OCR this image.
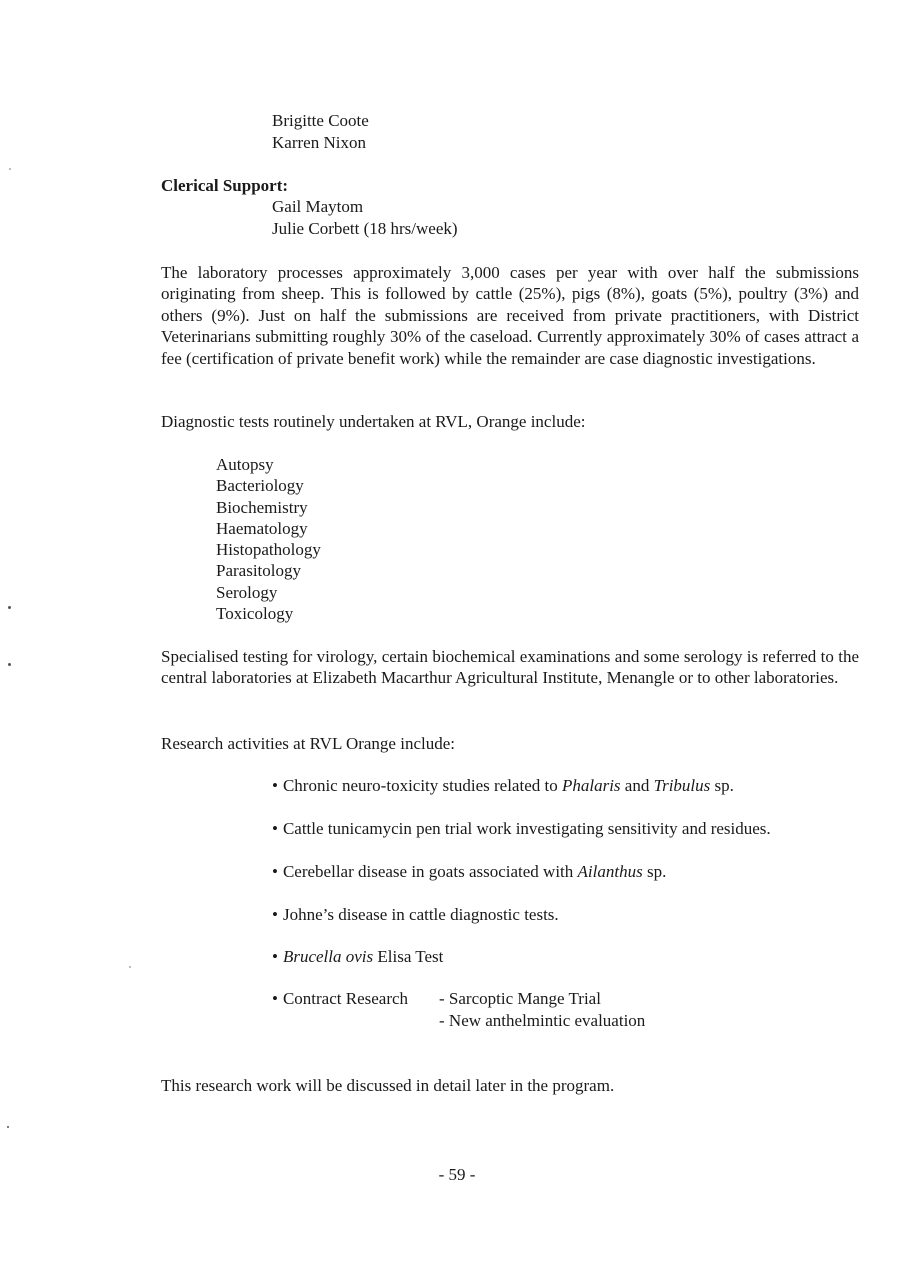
Brigitte Coote
Karren Nixon
Clerical Support:
Gail Maytom
Julie Corbett (18 hrs/week)

The laboratory processes approximately 3,000 cases per year with over half the submissions originating from sheep. This is followed by cattle (25%), pigs (8%), goats (5%), poultry (3%) and others (9%). Just on half the submissions are received from private practitioners, with District Veterinarians submitting roughly 30% of the caseload. Currently approximately 30% of cases attract a fee (certification of private benefit work) while the remainder are case diagnostic investigations.

Diagnostic tests routinely undertaken at RVL, Orange include:

Autopsy
Bacteriology
Biochemistry
Haematology
Histopathology
Parasitology
Serology
Toxicology

Specialised testing for virology, certain biochemical examinations and some serology is referred to the central laboratories at Elizabeth Macarthur Agricultural Institute, Menangle or to other laboratories.

Research activities at RVL Orange include:

• Chronic neuro-toxicity studies related to Phalaris and Tribulus sp.
• Cattle tunicamycin pen trial work investigating sensitivity and residues.
• Cerebellar disease in goats associated with Ailanthus sp.
• Johne’s disease in cattle diagnostic tests.
• Brucella ovis Elisa Test
• Contract Research - Sarcoptic Mange Trial
- New anthelmintic evaluation

This research work will be discussed in detail later in the program.

- 59 -
